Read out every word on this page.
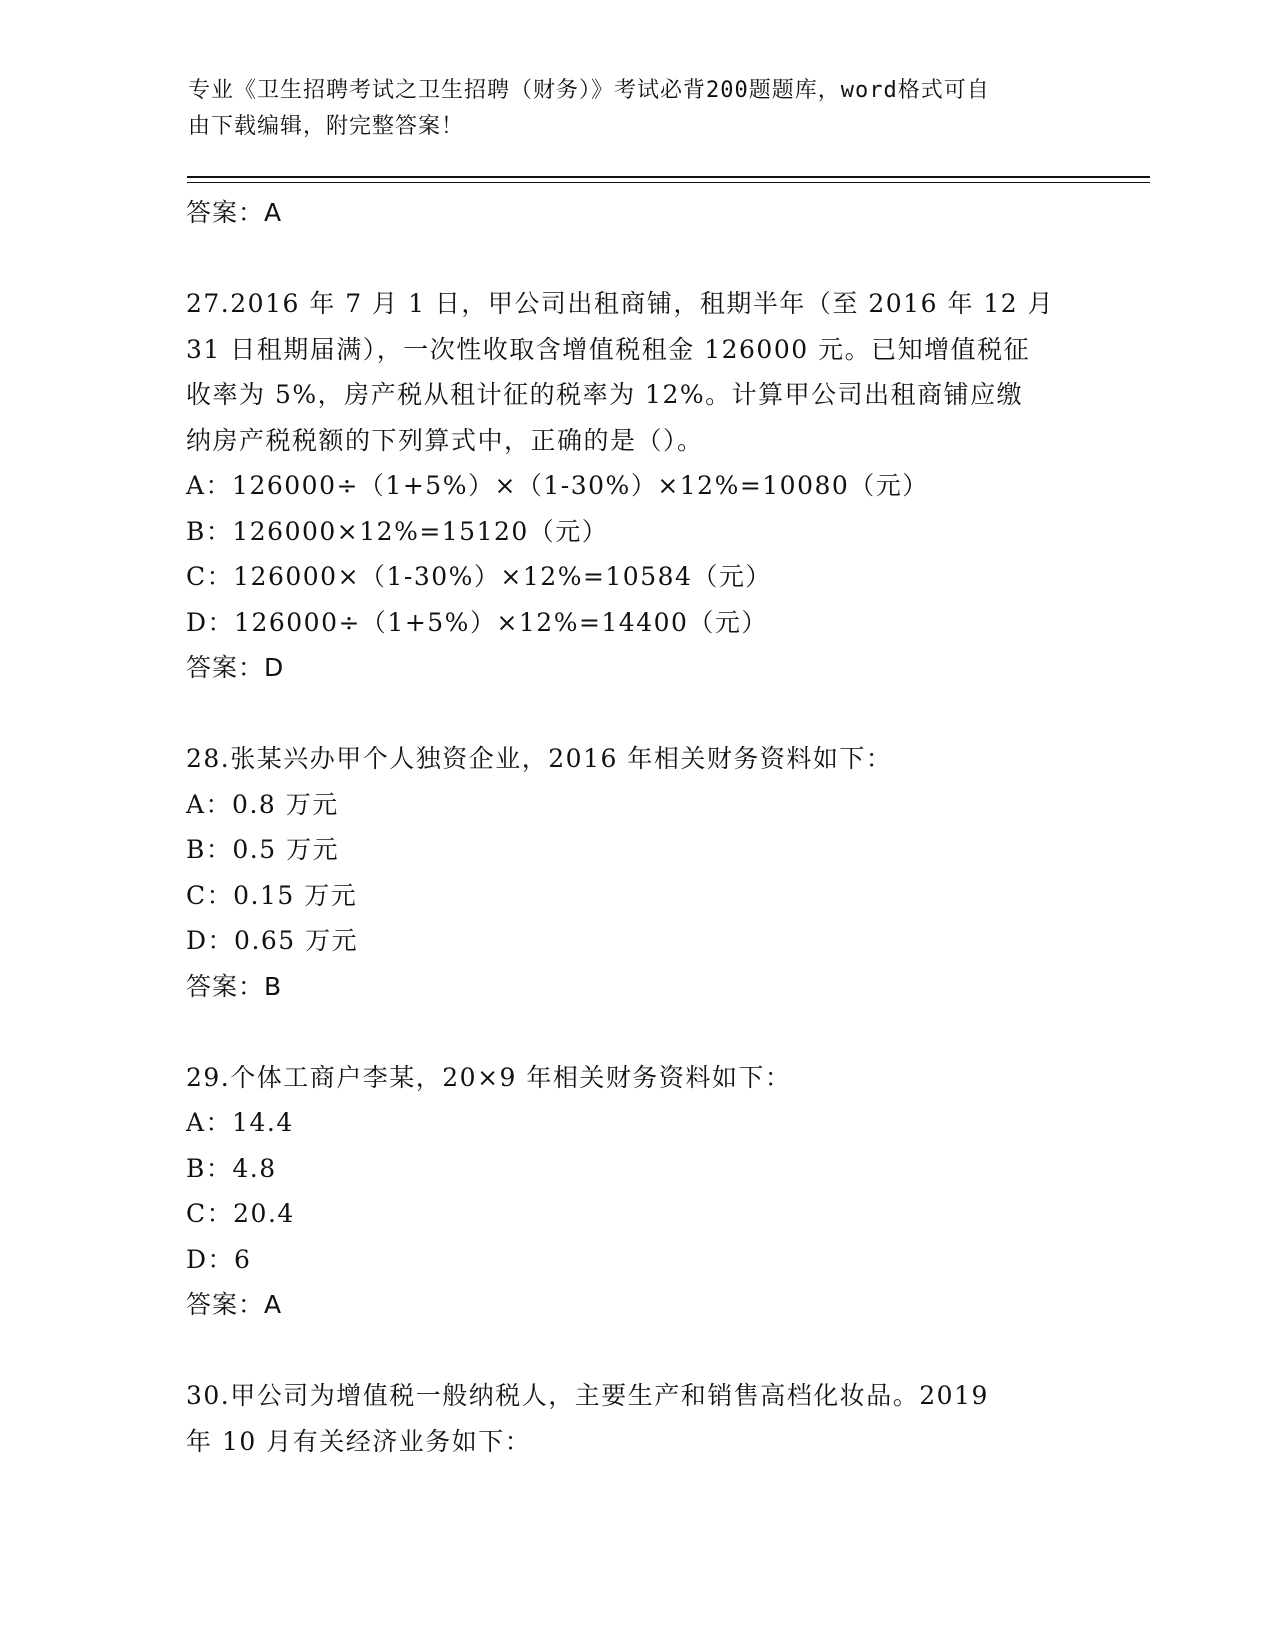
专业《卫生招聘考试之卫生招聘（财务）》考试必背200题题库，word格式可自
由下载编辑，附完整答案！
答案：A
27.2016 年 7 月 1 日，甲公司出租商铺，租期半年（至 2016 年 12 月
31 日租期届满），一次性收取含增值税租金 126000 元。已知增值税征
收率为 5%，房产税从租计征的税率为 12%。计算甲公司出租商铺应缴
纳房产税税额的下列算式中，正确的是（）。
A：126000÷（1+5%）×（1-30%）×12%=10080（元）
B：126000×12%=15120（元）
C：126000×（1-30%）×12%=10584（元）
D：126000÷（1+5%）×12%=14400（元）
答案：D
28.张某兴办甲个人独资企业，2016 年相关财务资料如下：
A：0.8 万元
B：0.5 万元
C：0.15 万元
D：0.65 万元
答案：B
29.个体工商户李某，20×9 年相关财务资料如下：
A：14.4
B：4.8
C：20.4
D：6
答案：A
30.甲公司为增值税一般纳税人，主要生产和销售高档化妆品。2019
年 10 月有关经济业务如下：
